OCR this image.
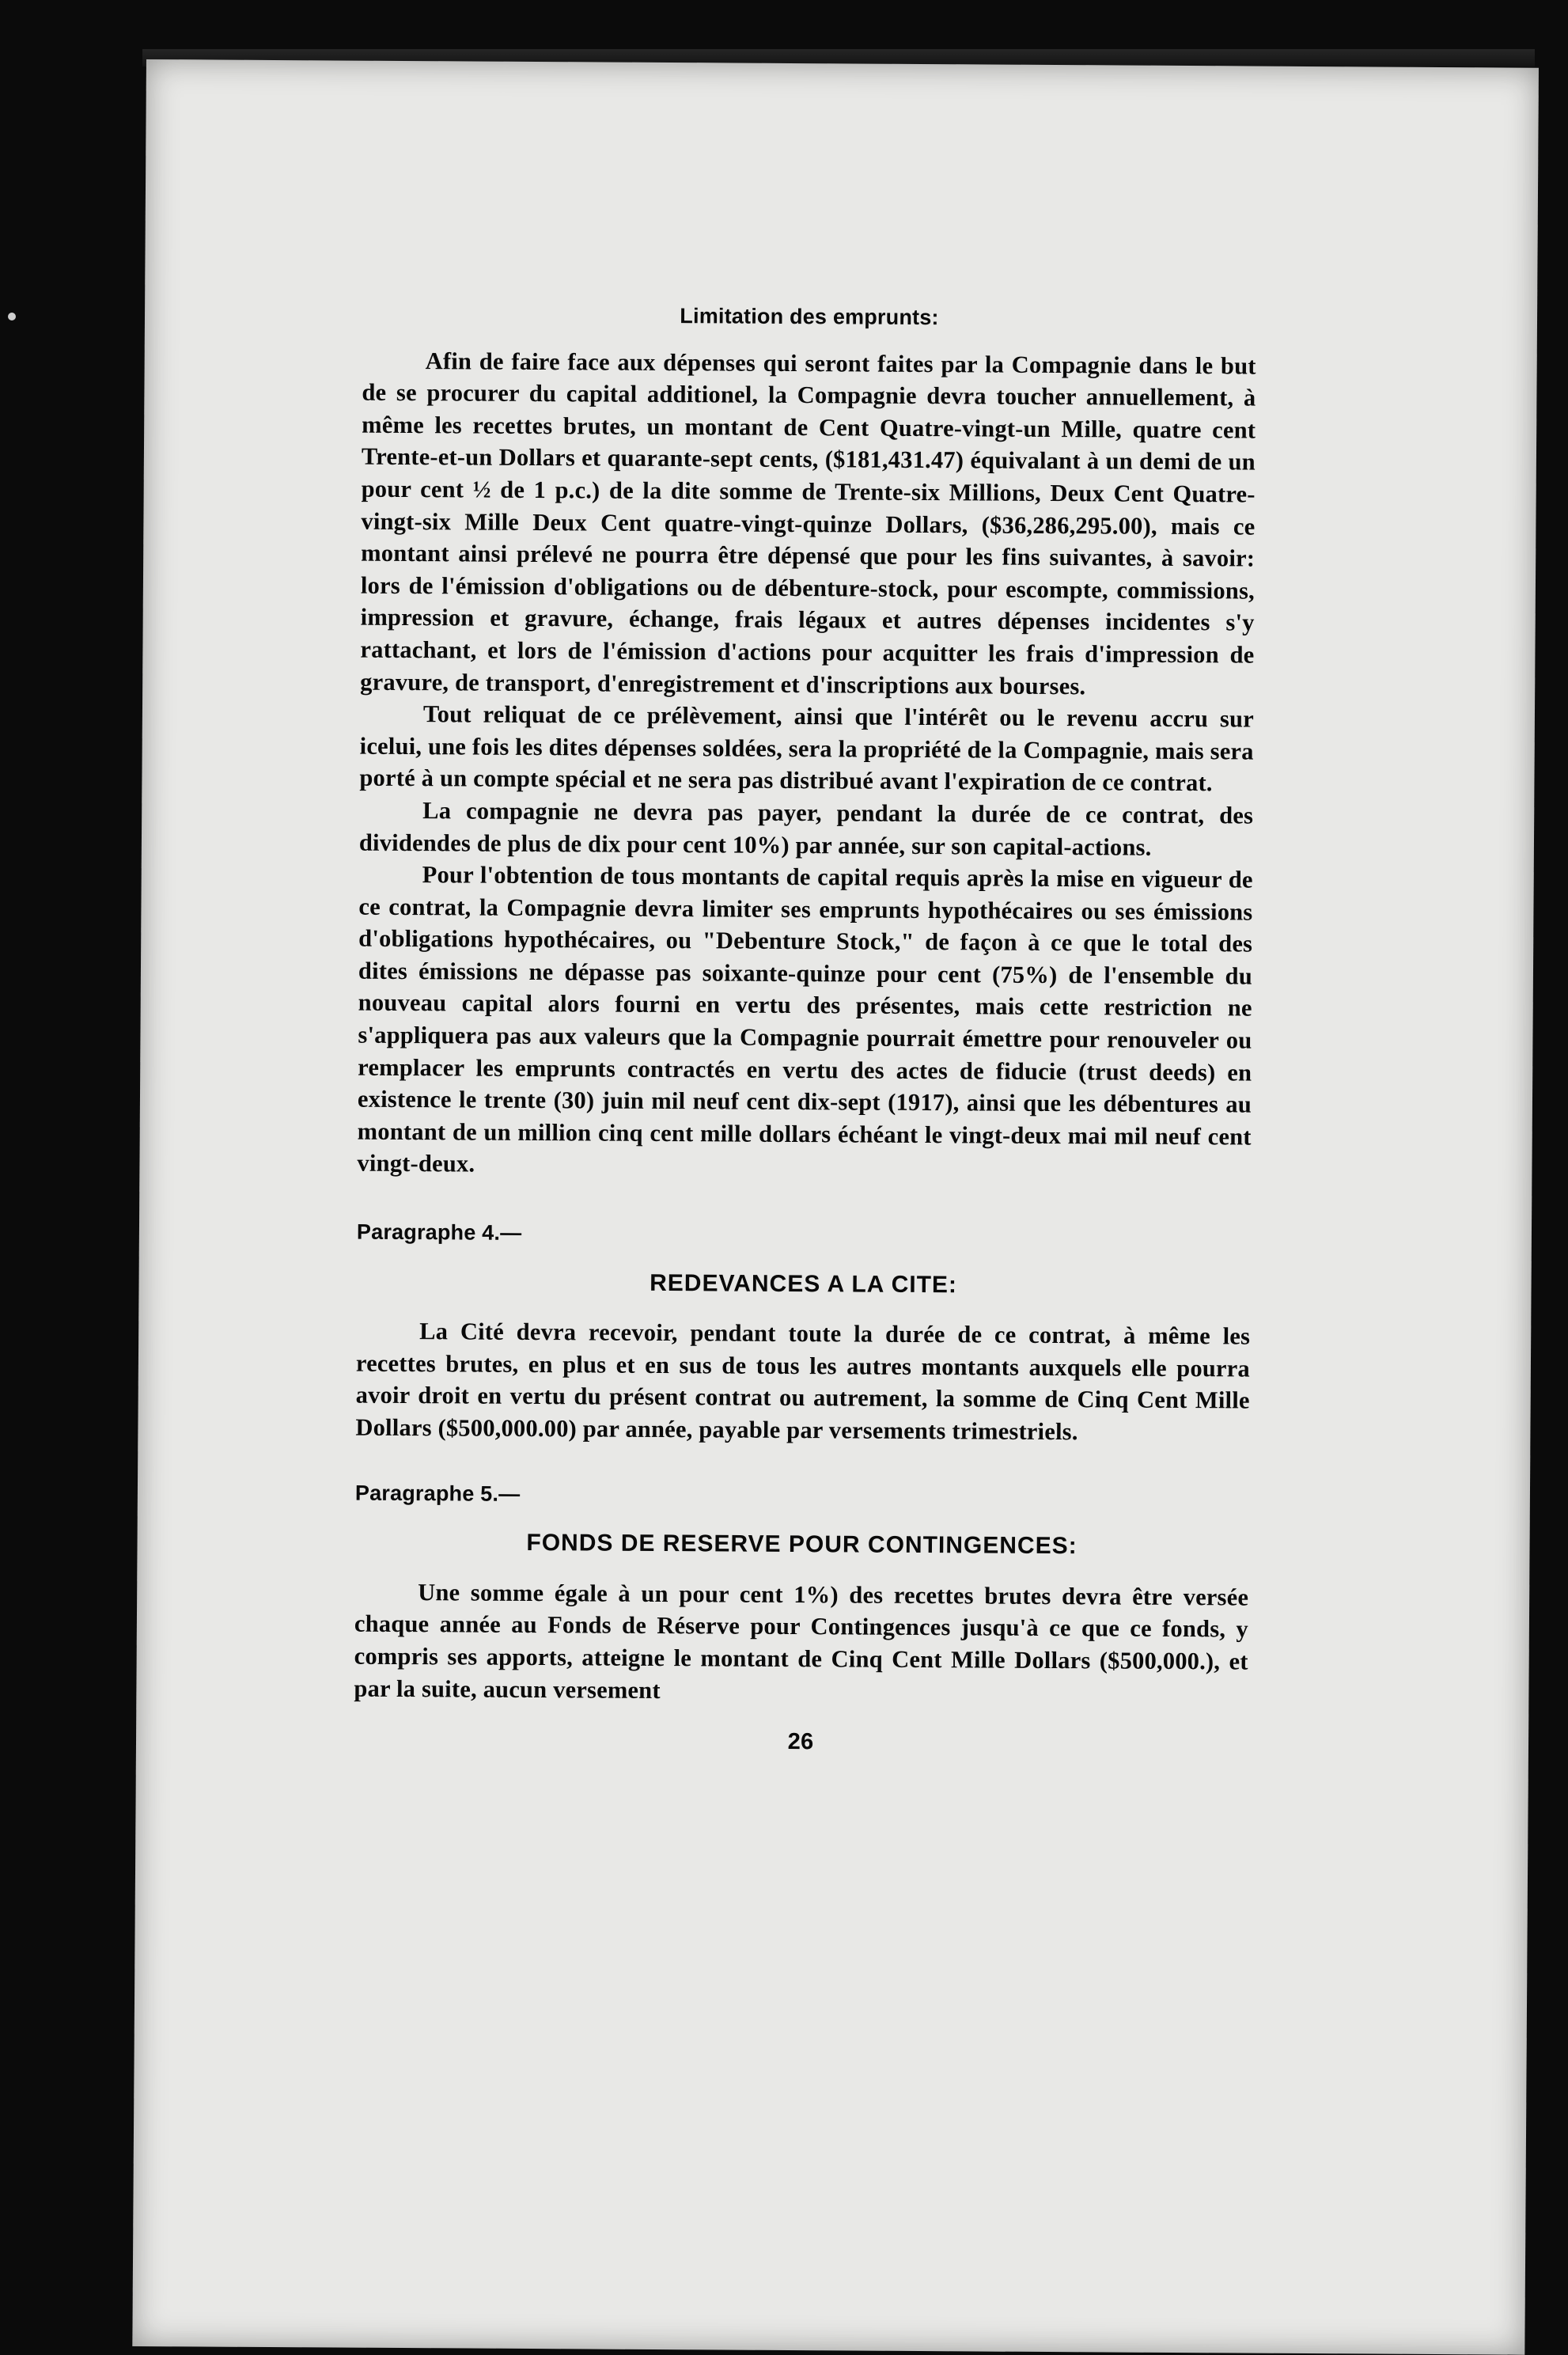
Limitation des emprunts:

Afin de faire face aux dépenses qui seront faites par la Compagnie dans le but de se procurer du capital additionel, la Compagnie devra toucher annuellement, à même les recettes brutes, un montant de Cent Quatre-vingt-un Mille, quatre cent Trente-et-un Dollars et quarante-sept cents, ($181,431.47) équivalant à un demi de un pour cent ½ de 1 p.c.) de la dite somme de Trente-six Millions, Deux Cent Quatre-vingt-six Mille Deux Cent quatre-vingt-quinze Dollars, ($36,286,295.00), mais ce montant ainsi prélevé ne pourra être dépensé que pour les fins suivantes, à savoir: lors de l'émission d'obligations ou de débenture-stock, pour escompte, commissions, impression et gravure, échange, frais légaux et autres dépenses incidentes s'y rattachant, et lors de l'émission d'actions pour acquitter les frais d'impression de gravure, de transport, d'enregistrement et d'inscriptions aux bourses.

Tout reliquat de ce prélèvement, ainsi que l'intérêt ou le revenu accru sur icelui, une fois les dites dépenses soldées, sera la propriété de la Compagnie, mais sera porté à un compte spécial et ne sera pas distribué avant l'expiration de ce contrat.

La compagnie ne devra pas payer, pendant la durée de ce contrat, des dividendes de plus de dix pour cent 10%) par année, sur son capital-actions.

Pour l'obtention de tous montants de capital requis après la mise en vigueur de ce contrat, la Compagnie devra limiter ses emprunts hypothécaires ou ses émissions d'obligations hypothécaires, ou "Debenture Stock," de façon à ce que le total des dites émissions ne dépasse pas soixante-quinze pour cent (75%) de l'ensemble du nouveau capital alors fourni en vertu des présentes, mais cette restriction ne s'appliquera pas aux valeurs que la Compagnie pourrait émettre pour renouveler ou remplacer les emprunts contractés en vertu des actes de fiducie (trust deeds) en existence le trente (30) juin mil neuf cent dix-sept (1917), ainsi que les débentures au montant de un million cinq cent mille dollars échéant le vingt-deux mai mil neuf cent vingt-deux.

Paragraphe 4.—

REDEVANCES A LA CITE:

La Cité devra recevoir, pendant toute la durée de ce contrat, à même les recettes brutes, en plus et en sus de tous les autres montants auxquels elle pourra avoir droit en vertu du présent contrat ou autrement, la somme de Cinq Cent Mille Dollars ($500,000.00) par année, payable par versements trimestriels.

Paragraphe 5.—

FONDS DE RESERVE POUR CONTINGENCES:

Une somme égale à un pour cent 1%) des recettes brutes devra être versée chaque année au Fonds de Réserve pour Contingences jusqu'à ce que ce fonds, y compris ses apports, atteigne le montant de Cinq Cent Mille Dollars ($500,000.), et par la suite, aucun versement

26
